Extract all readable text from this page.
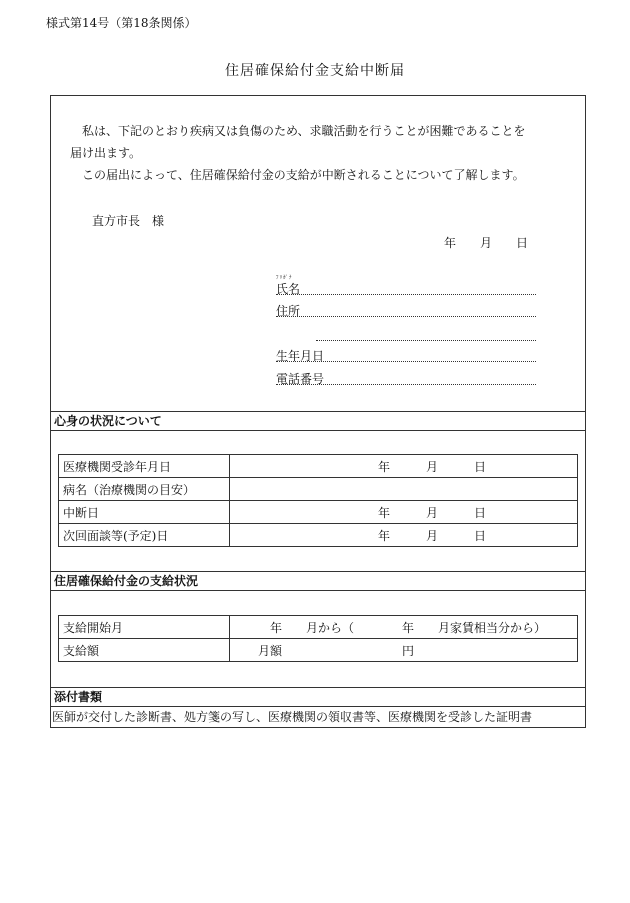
様式第14号（第18条関係）
住居確保給付金支給中断届
私は、下記のとおり疾病又は負傷のため、求職活動を行うことが困難であることを
届け出ます。
この届出によって、住居確保給付金の支給が中断されることについて了解します。
直方市長　様
年　　月　　日
ﾌﾘｶﾞﾅ
氏名
住所
生年月日
電話番号
心身の状況について
医療機関受診年月日	年　　　月　　　日
病名（治療機関の目安）	
中断日	年　　　月　　　日
次回面談等(予定)日	年　　　月　　　日
住居確保給付金の支給状況
支給開始月	年　　月から（　　　　年　　月家賃相当分から）
支給額	月額　　　　　　　　　　円
添付書類
医師が交付した診断書、処方箋の写し、医療機関の領収書等、医療機関を受診した証明書
